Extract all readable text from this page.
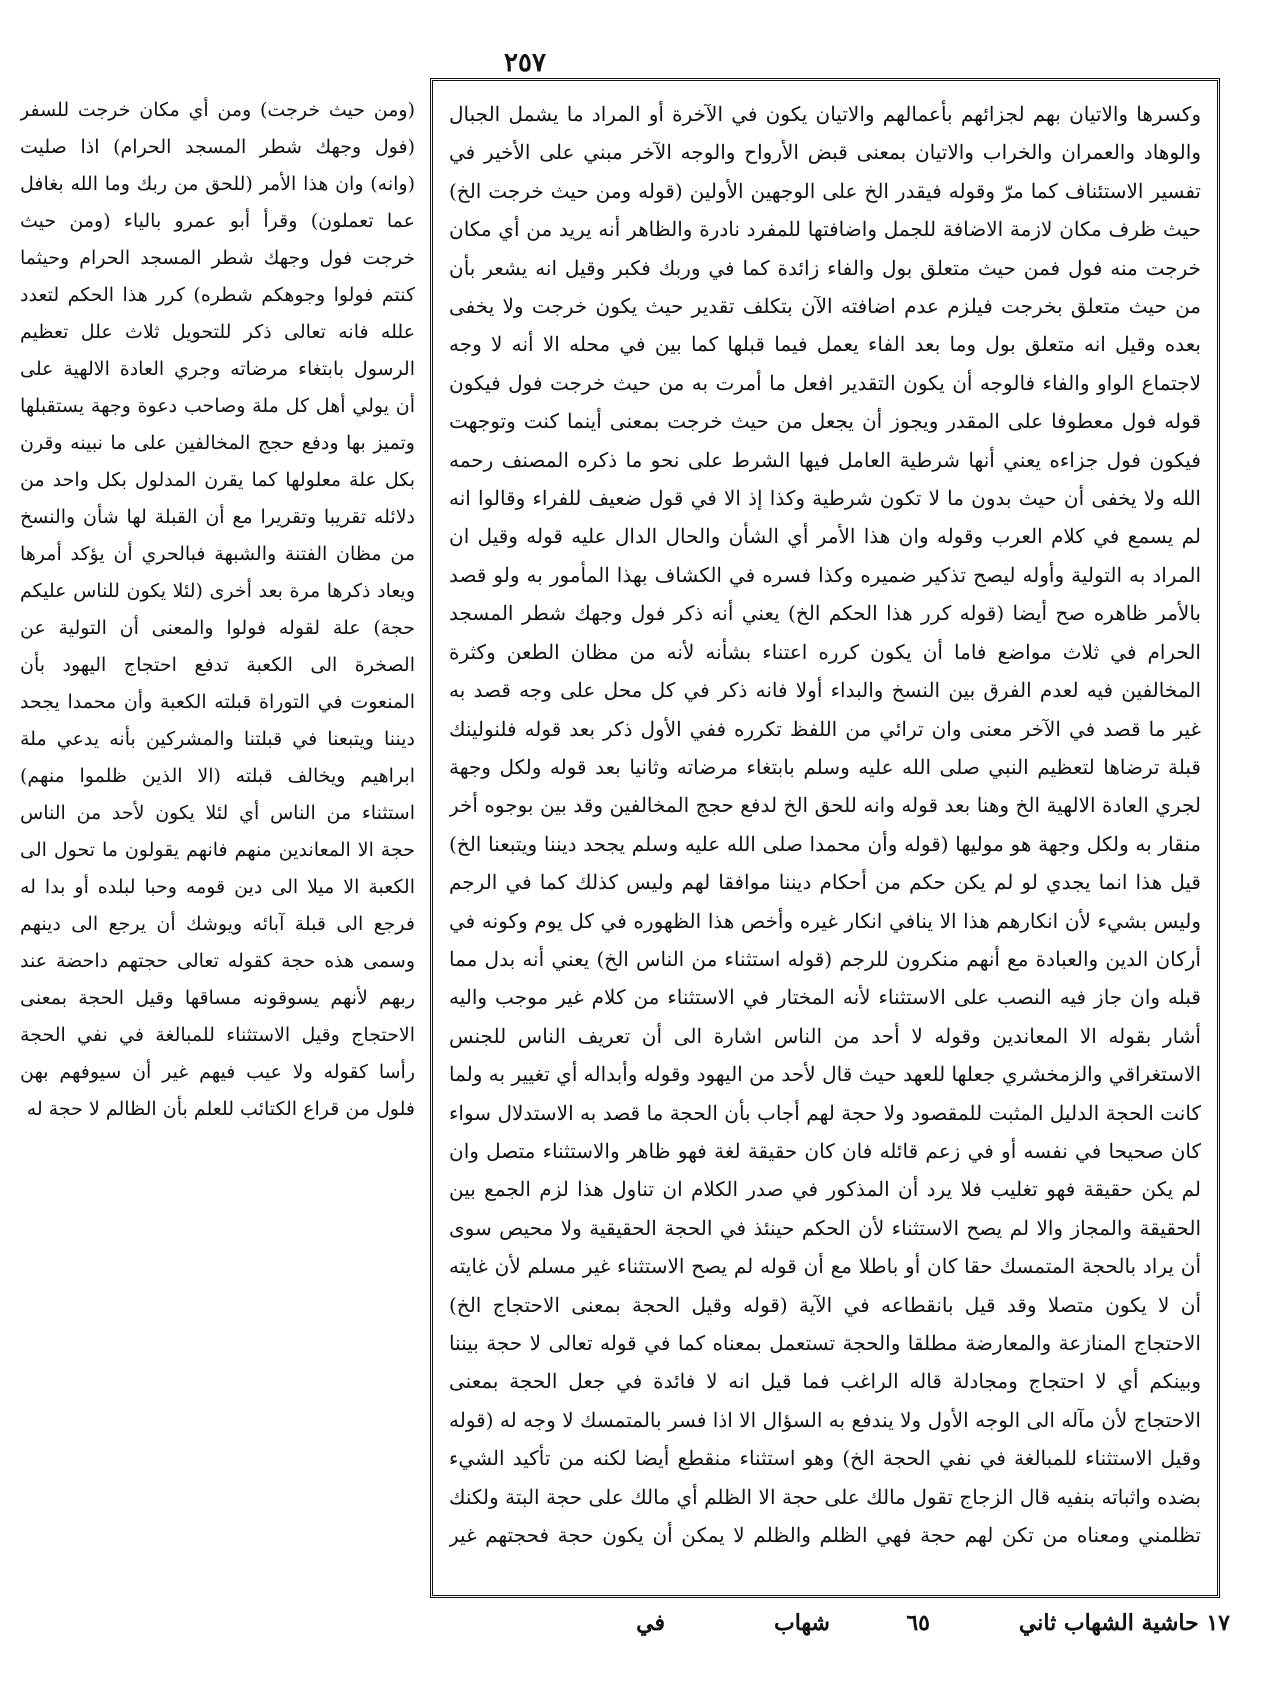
٢٥٧

(ومن حيث خرجت) ومن أي مكان خرجت للسفر (فول وجهك شطر المسجد الحرام) اذا صليت (وانه) وان هذا الأمر (للحق من ربك وما الله بغافل عما تعملون) وقرأ أبو عمرو بالياء (ومن حيث خرجت فول وجهك شطر المسجد الحرام وحيثما كنتم فولوا وجوهكم شطره) كرر هذا الحكم لتعدد علله فانه تعالى ذكر للتحويل ثلاث علل تعظيم الرسول بابتغاء مرضاته وجري العادة الالهية على أن يولي أهل كل ملة وصاحب دعوة وجهة يستقبلها وتميز بها ودفع حجج المخالفين على ما نبينه وقرن بكل علة معلولها كما يقرن المدلول بكل واحد من دلائله تقريبا وتقريرا مع أن القبلة لها شأن والنسخ من مظان الفتنة والشبهة فبالحري أن يؤكد أمرها ويعاد ذكرها مرة بعد أخرى (لئلا يكون للناس عليكم حجة) علة لقوله فولوا والمعنى أن التولية عن الصخرة الى الكعبة تدفع احتجاج اليهود بأن المنعوت في التوراة قبلته الكعبة وأن محمدا يجحد ديننا ويتبعنا في قبلتنا والمشركين بأنه يدعي ملة ابراهيم ويخالف قبلته (الا الذين ظلموا منهم) استثناء من الناس أي لئلا يكون لأحد من الناس حجة الا المعاندين منهم فانهم يقولون ما تحول الى الكعبة الا ميلا الى دين قومه وحبا لبلده أو بدا له فرجع الى قبلة آبائه ويوشك أن يرجع الى دينهم وسمى هذه حجة كقوله تعالى حجتهم داحضة عند ربهم لأنهم يسوقونه مساقها وقيل الحجة بمعنى الاحتجاج وقيل الاستثناء للمبالغة في نفي الحجة رأسا كقوله ولا عيب فيهم غير أن سيوفهم بهن فلول من قراع الكتائب للعلم بأن الظالم لا حجة له

وكسرها والاتيان بهم لجزائهم بأعمالهم والاتيان يكون في الآخرة أو المراد ما يشمل الجبال والوهاد والعمران والخراب والاتيان بمعنى قبض الأرواح والوجه الآخر مبني على الأخير في تفسير الاستئناف كما مرّ وقوله فيقدر الخ على الوجهين الأولين (قوله ومن حيث خرجت الخ) حيث ظرف مكان لازمة الاضافة للجمل واضافتها للمفرد نادرة والظاهر أنه يريد من أي مكان خرجت منه فول فمن حيث متعلق بول والفاء زائدة كما في وربك فكبر وقيل انه يشعر بأن من حيث متعلق بخرجت فيلزم عدم اضافته الآن بتكلف تقدير حيث يكون خرجت ولا يخفى بعده وقيل انه متعلق بول وما بعد الفاء يعمل فيما قبلها كما بين في محله الا أنه لا وجه لاجتماع الواو والفاء فالوجه أن يكون التقدير افعل ما أمرت به من حيث خرجت فول فيكون قوله فول معطوفا على المقدر ويجوز أن يجعل من حيث خرجت بمعنى أينما كنت وتوجهت فيكون فول جزاءه يعني أنها شرطية العامل فيها الشرط على نحو ما ذكره المصنف رحمه الله ولا يخفى أن حيث بدون ما لا تكون شرطية وكذا إذ الا في قول ضعيف للفراء وقالوا انه لم يسمع في كلام العرب وقوله وان هذا الأمر أي الشأن والحال الدال عليه قوله وقيل ان المراد به التولية وأوله ليصح تذكير ضميره وكذا فسره في الكشاف بهذا المأمور به ولو قصد بالأمر ظاهره صح أيضا (قوله كرر هذا الحكم الخ) يعني أنه ذكر فول وجهك شطر المسجد الحرام في ثلاث مواضع فاما أن يكون كرره اعتناء بشأنه لأنه من مظان الطعن وكثرة المخالفين فيه لعدم الفرق بين النسخ والبداء أولا فانه ذكر في كل محل على وجه قصد به غير ما قصد في الآخر معنى وان ترائي من اللفظ تكرره ففي الأول ذكر بعد قوله فلنولينك قبلة ترضاها لتعظيم النبي صلى الله عليه وسلم بابتغاء مرضاته وثانيا بعد قوله ولكل وجهة لجري العادة الالهية الخ وهنا بعد قوله وانه للحق الخ لدفع حجج المخالفين وقد بين بوجوه أخر منقار به ولكل وجهة هو موليها (قوله وأن محمدا صلى الله عليه وسلم يجحد ديننا ويتبعنا الخ) قيل هذا انما يجدي لو لم يكن حكم من أحكام ديننا موافقا لهم وليس كذلك كما في الرجم وليس بشيء لأن انكارهم هذا الا ينافي انكار غيره وأخص هذا الظهوره في كل يوم وكونه في أركان الدين والعبادة مع أنهم منكرون للرجم (قوله استثناء من الناس الخ) يعني أنه بدل مما قبله وان جاز فيه النصب على الاستثناء لأنه المختار في الاستثناء من كلام غير موجب واليه أشار بقوله الا المعاندين وقوله لا أحد من الناس اشارة الى أن تعريف الناس للجنس الاستغراقي والزمخشري جعلها للعهد حيث قال لأحد من اليهود وقوله وأبداله أي تغيير به ولما كانت الحجة الدليل المثبت للمقصود ولا حجة لهم أجاب بأن الحجة ما قصد به الاستدلال سواء كان صحيحا في نفسه أو في زعم قائله فان كان حقيقة لغة فهو ظاهر والاستثناء متصل وان لم يكن حقيقة فهو تغليب فلا يرد أن المذكور في صدر الكلام ان تناول هذا لزم الجمع بين الحقيقة والمجاز والا لم يصح الاستثناء لأن الحكم حينئذ في الحجة الحقيقية ولا محيص سوى أن يراد بالحجة المتمسك حقا كان أو باطلا مع أن قوله لم يصح الاستثناء غير مسلم لأن غايته أن لا يكون متصلا وقد قيل بانقطاعه في الآية (قوله وقيل الحجة بمعنى الاحتجاج الخ) الاحتجاج المنازعة والمعارضة مطلقا والحجة تستعمل بمعناه كما في قوله تعالى لا حجة بيننا وبينكم أي لا احتجاج ومجادلة قاله الراغب فما قيل انه لا فائدة في جعل الحجة بمعنى الاحتجاج لأن مآله الى الوجه الأول ولا يندفع به السؤال الا اذا فسر بالمتمسك لا وجه له (قوله وقيل الاستثناء للمبالغة في نفي الحجة الخ) وهو استثناء منقطع أيضا لكنه من تأكيد الشيء بضده واثباته بنفيه قال الزجاج تقول مالك على حجة الا الظلم أي مالك على حجة البتة ولكنك تظلمني ومعناه من تكن لهم حجة فهي الظلم والظلم لا يمكن أن يكون حجة فحجتهم غير

١٧ حاشية الشهاب ثاني
٦٥
شهاب
في
